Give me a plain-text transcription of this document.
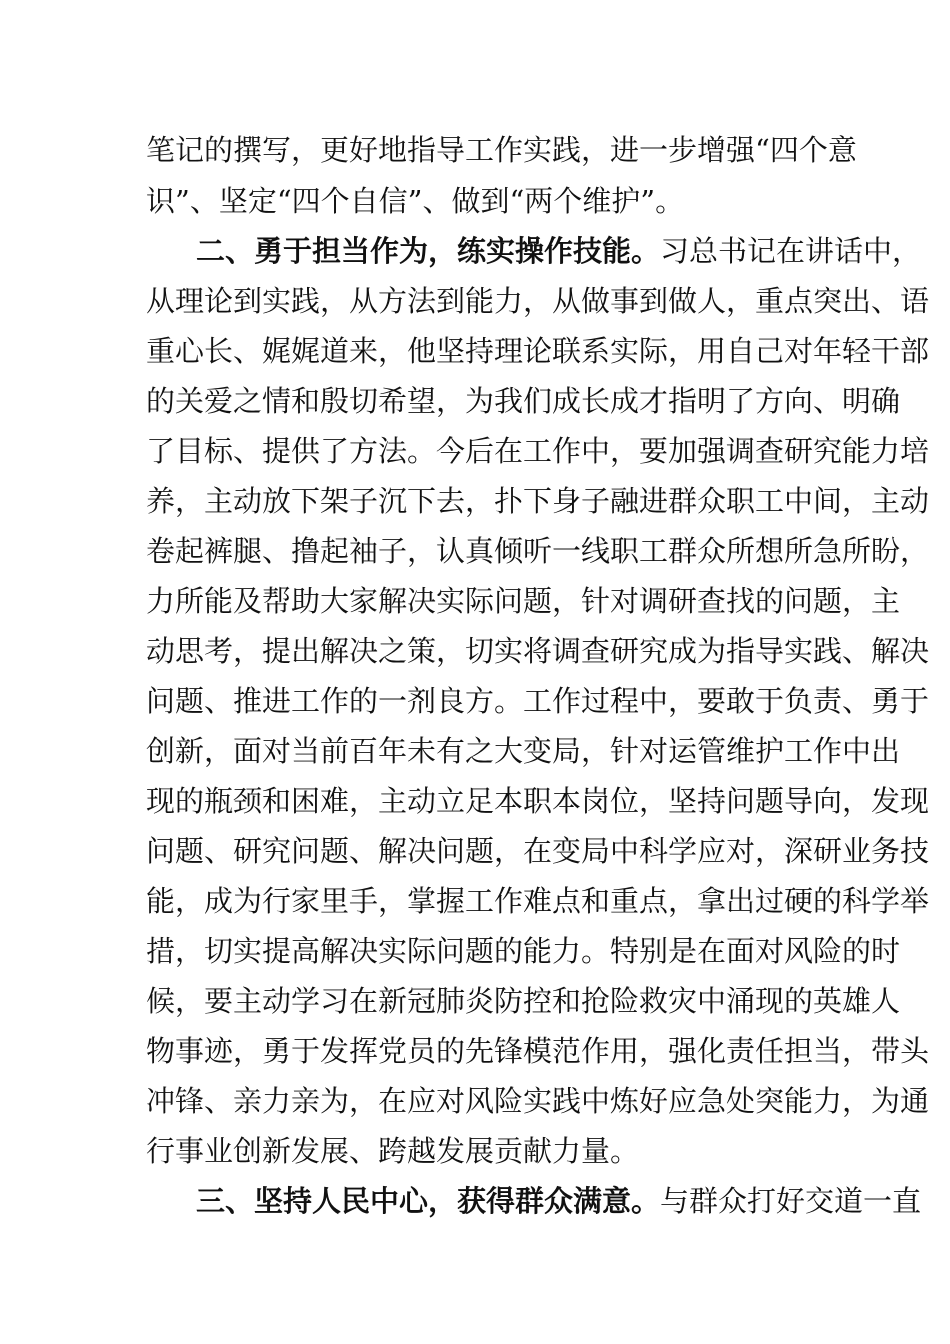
笔记的撰写，更好地指导工作实践，进一步增强“四个意
识”、坚定“四个自信”、做到“两个维护”。
二、勇于担当作为，练实操作技能。习总书记在讲话中，
从理论到实践，从方法到能力，从做事到做人，重点突出、语
重心长、娓娓道来，他坚持理论联系实际，用自己对年轻干部
的关爱之情和殷切希望，为我们成长成才指明了方向、明确
了目标、提供了方法。今后在工作中，要加强调查研究能力培
养，主动放下架子沉下去，扑下身子融进群众职工中间，主动
卷起裤腿、撸起袖子，认真倾听一线职工群众所想所急所盼，
力所能及帮助大家解决实际问题，针对调研查找的问题，主
动思考，提出解决之策，切实将调查研究成为指导实践、解决
问题、推进工作的一剂良方。工作过程中，要敢于负责、勇于
创新，面对当前百年未有之大变局，针对运管维护工作中出
现的瓶颈和困难，主动立足本职本岗位，坚持问题导向，发现
问题、研究问题、解决问题，在变局中科学应对，深研业务技
能，成为行家里手，掌握工作难点和重点，拿出过硬的科学举
措，切实提高解决实际问题的能力。特别是在面对风险的时
候，要主动学习在新冠肺炎防控和抢险救灾中涌现的英雄人
物事迹，勇于发挥党员的先锋模范作用，强化责任担当，带头
冲锋、亲力亲为，在应对风险实践中炼好应急处突能力，为通
行事业创新发展、跨越发展贡献力量。
三、坚持人民中心，获得群众满意。与群众打好交道一直
